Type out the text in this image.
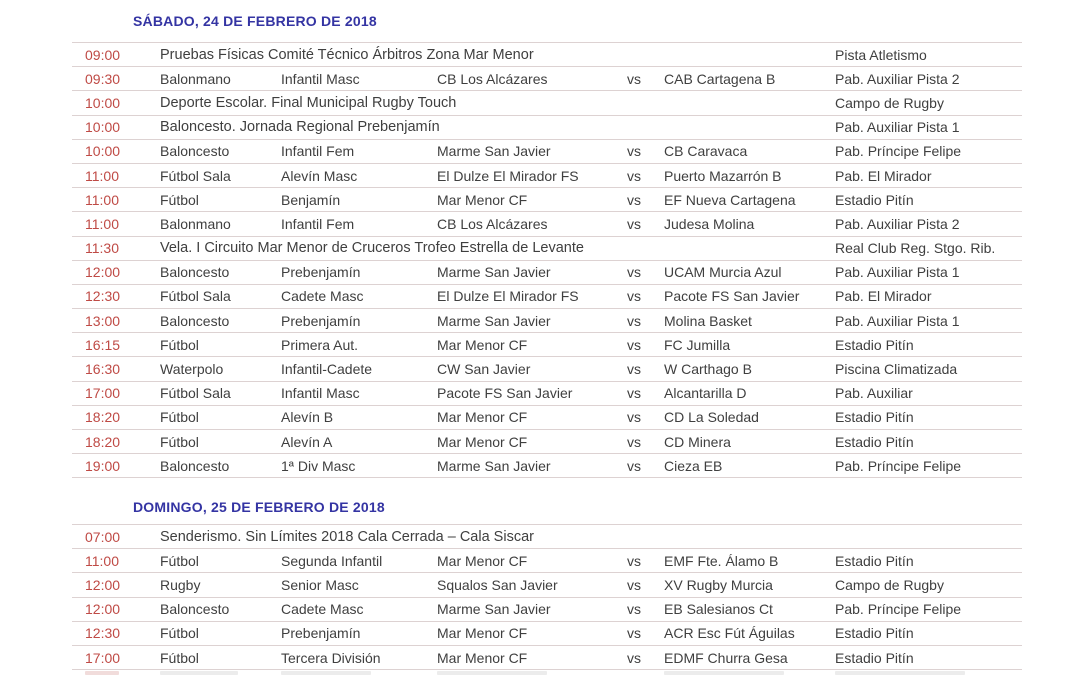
SÁBADO, 24 DE FEBRERO DE 2018
09:00	Pruebas Físicas Comité Técnico Árbitros Zona Mar Menor	Pista Atletismo
09:30	Balonmano	Infantil Masc	CB Los Alcázares	vs CAB Cartagena B	Pab. Auxiliar Pista 2
10:00	Deporte Escolar. Final Municipal Rugby Touch	Campo de Rugby
10:00	Baloncesto. Jornada Regional Prebenjamín	Pab. Auxiliar Pista 1
10:00	Baloncesto	Infantil Fem	Marme San Javier	vs CB Caravaca	Pab. Príncipe Felipe
11:00	Fútbol Sala	Alevín Masc	El Dulze El Mirador FS	vs Puerto Mazarrón B	Pab. El Mirador
11:00	Fútbol	Benjamín	Mar Menor CF	vs EF Nueva Cartagena	Estadio Pitín
11:00	Balonmano	Infantil Fem	CB Los Alcázares	vs Judesa Molina	Pab. Auxiliar Pista 2
11:30	Vela. I Circuito Mar Menor de Cruceros Trofeo Estrella de Levante	Real Club Reg. Stgo. Rib.
12:00	Baloncesto	Prebenjamín	Marme San Javier	vs UCAM Murcia Azul	Pab. Auxiliar Pista 1
12:30	Fútbol Sala	Cadete Masc	El Dulze El Mirador FS	vs Pacote FS San Javier	Pab. El Mirador
13:00	Baloncesto	Prebenjamín	Marme San Javier	vs Molina Basket	Pab. Auxiliar Pista 1
16:15	Fútbol	Primera Aut.	Mar Menor CF	vs FC Jumilla	Estadio Pitín
16:30	Waterpolo	Infantil-Cadete	CW San Javier	vs W Carthago B	Piscina Climatizada
17:00	Fútbol Sala	Infantil Masc	Pacote FS San Javier	vs Alcantarilla D	Pab. Auxiliar
18:20	Fútbol	Alevín B	Mar Menor CF	vs CD La Soledad	Estadio Pitín
18:20	Fútbol	Alevín A	Mar Menor CF	vs CD Minera	Estadio Pitín
19:00	Baloncesto	1ª Div Masc	Marme San Javier	vs Cieza EB	Pab. Príncipe Felipe
DOMINGO, 25 DE FEBRERO DE 2018
07:00	Senderismo. Sin Límites 2018 Cala Cerrada – Cala Siscar
11:00	Fútbol	Segunda Infantil	Mar Menor CF	vs EMF Fte. Álamo B	Estadio Pitín
12:00	Rugby	Senior Masc	Squalos San Javier	vs XV Rugby Murcia	Campo de Rugby
12:00	Baloncesto	Cadete Masc	Marme San Javier	vs EB Salesianos Ct	Pab. Príncipe Felipe
12:30	Fútbol	Prebenjamín	Mar Menor CF	vs ACR Esc Fút Águilas	Estadio Pitín
17:00	Fútbol	Tercera División	Mar Menor CF	vs EDMF Churra Gesa	Estadio Pitín
